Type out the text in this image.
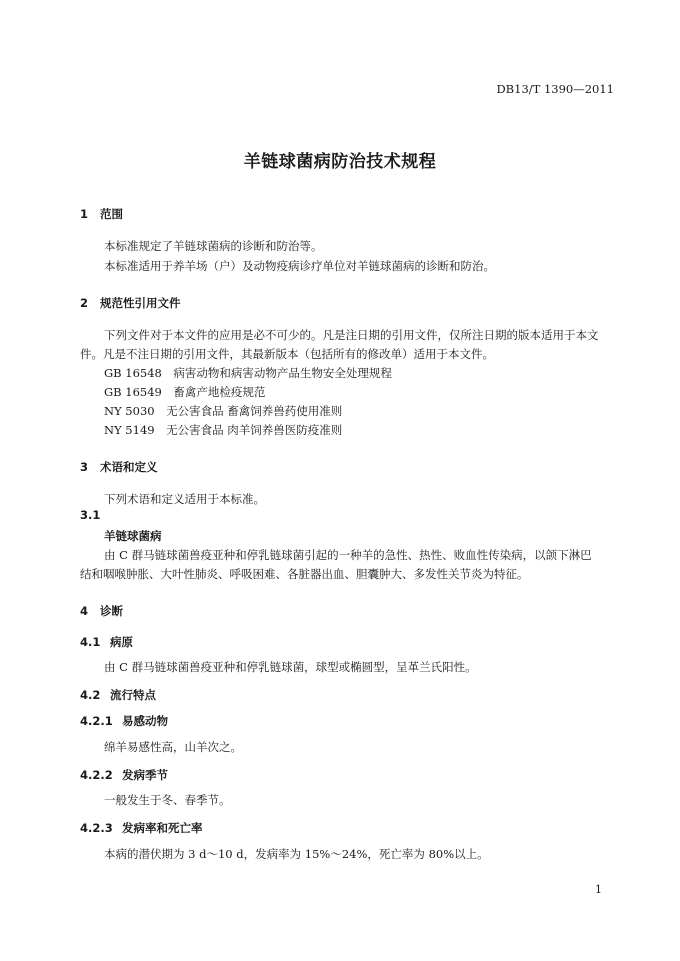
DB13/T 1390—2011
羊链球菌病防治技术规程
1 范围
本标准规定了羊链球菌病的诊断和防治等。
本标准适用于养羊场（户）及动物疫病诊疗单位对羊链球菌病的诊断和防治。
2 规范性引用文件
下列文件对于本文件的应用是必不可少的。凡是注日期的引用文件，仅所注日期的版本适用于本文
件。凡是不注日期的引用文件，其最新版本（包括所有的修改单）适用于本文件。
GB 16548　病害动物和病害动物产品生物安全处理规程
GB 16549　畜禽产地检疫规范
NY 5030　无公害食品 畜禽饲养兽药使用准则
NY 5149　无公害食品 肉羊饲养兽医防疫准则
3 术语和定义
下列术语和定义适用于本标准。
3.1
羊链球菌病
由 C 群马链球菌兽疫亚种和停乳链球菌引起的一种羊的急性、热性、败血性传染病，以颌下淋巴
结和咽喉肿胀、大叶性肺炎、呼吸困难、各脏器出血、胆囊肿大、多发性关节炎为特征。
4 诊断
4.1 病原
由 C 群马链球菌兽疫亚种和停乳链球菌，球型或椭圆型，呈革兰氏阳性。
4.2 流行特点
4.2.1 易感动物
绵羊易感性高，山羊次之。
4.2.2 发病季节
一般发生于冬、春季节。
4.2.3 发病率和死亡率
本病的潜伏期为 3 d～10 d，发病率为 15%～24%，死亡率为 80%以上。
1
